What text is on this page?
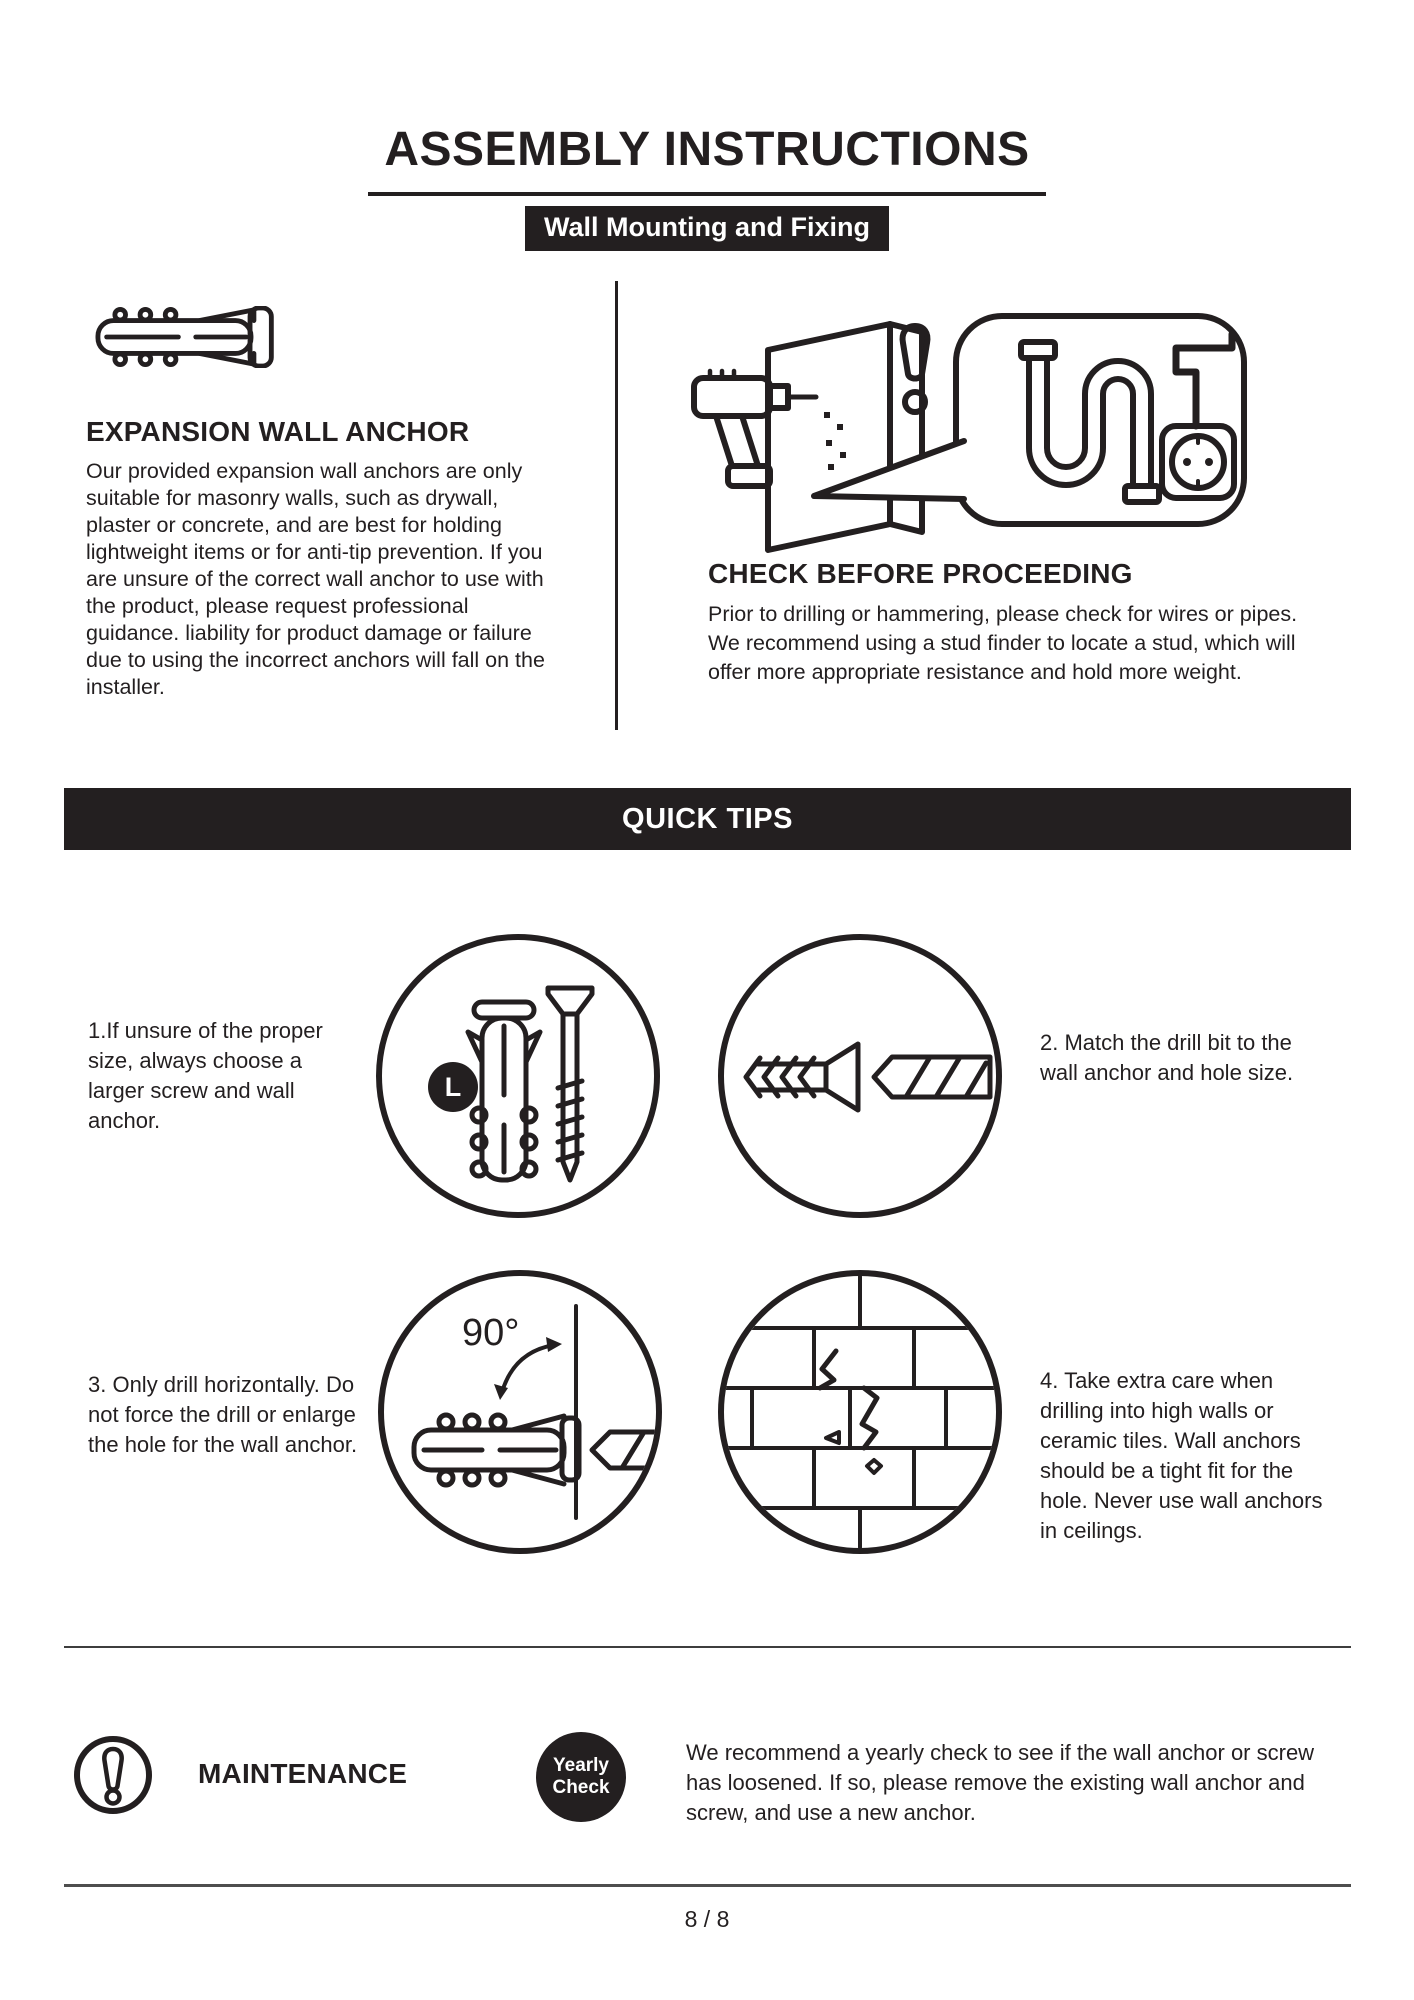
ASSEMBLY INSTRUCTIONS
Wall Mounting and Fixing
EXPANSION WALL ANCHOR

Our provided expansion wall anchors are only suitable for masonry walls, such as drywall, plaster or concrete, and are best for holding lightweight items or for anti-tip prevention. If you are unsure of the correct wall anchor to use with the product, please request professional guidance. liability for product damage or failure due to using the incorrect anchors will fall on the installer.

CHECK BEFORE PROCEEDING

Prior to drilling or hammering, please check for wires or pipes. We recommend using a stud finder to locate a stud, which will offer more appropriate resistance and hold more weight.

QUICK TIPS

1.If unsure of the proper size, always choose a larger screw and wall anchor.

L

2. Match the drill bit to the wall anchor and hole size.

3. Only drill horizontally. Do not force the drill or enlarge the hole for the wall anchor.

90°

4. Take extra care when drilling into high walls or ceramic tiles. Wall anchors should be a tight fit for the hole. Never use wall anchors in ceilings.

MAINTENANCE	Yearly
Check

We recommend a yearly check to see if the wall anchor or screw has loosened. If so, please remove the existing wall anchor and screw, and use a new anchor.

8 / 8
